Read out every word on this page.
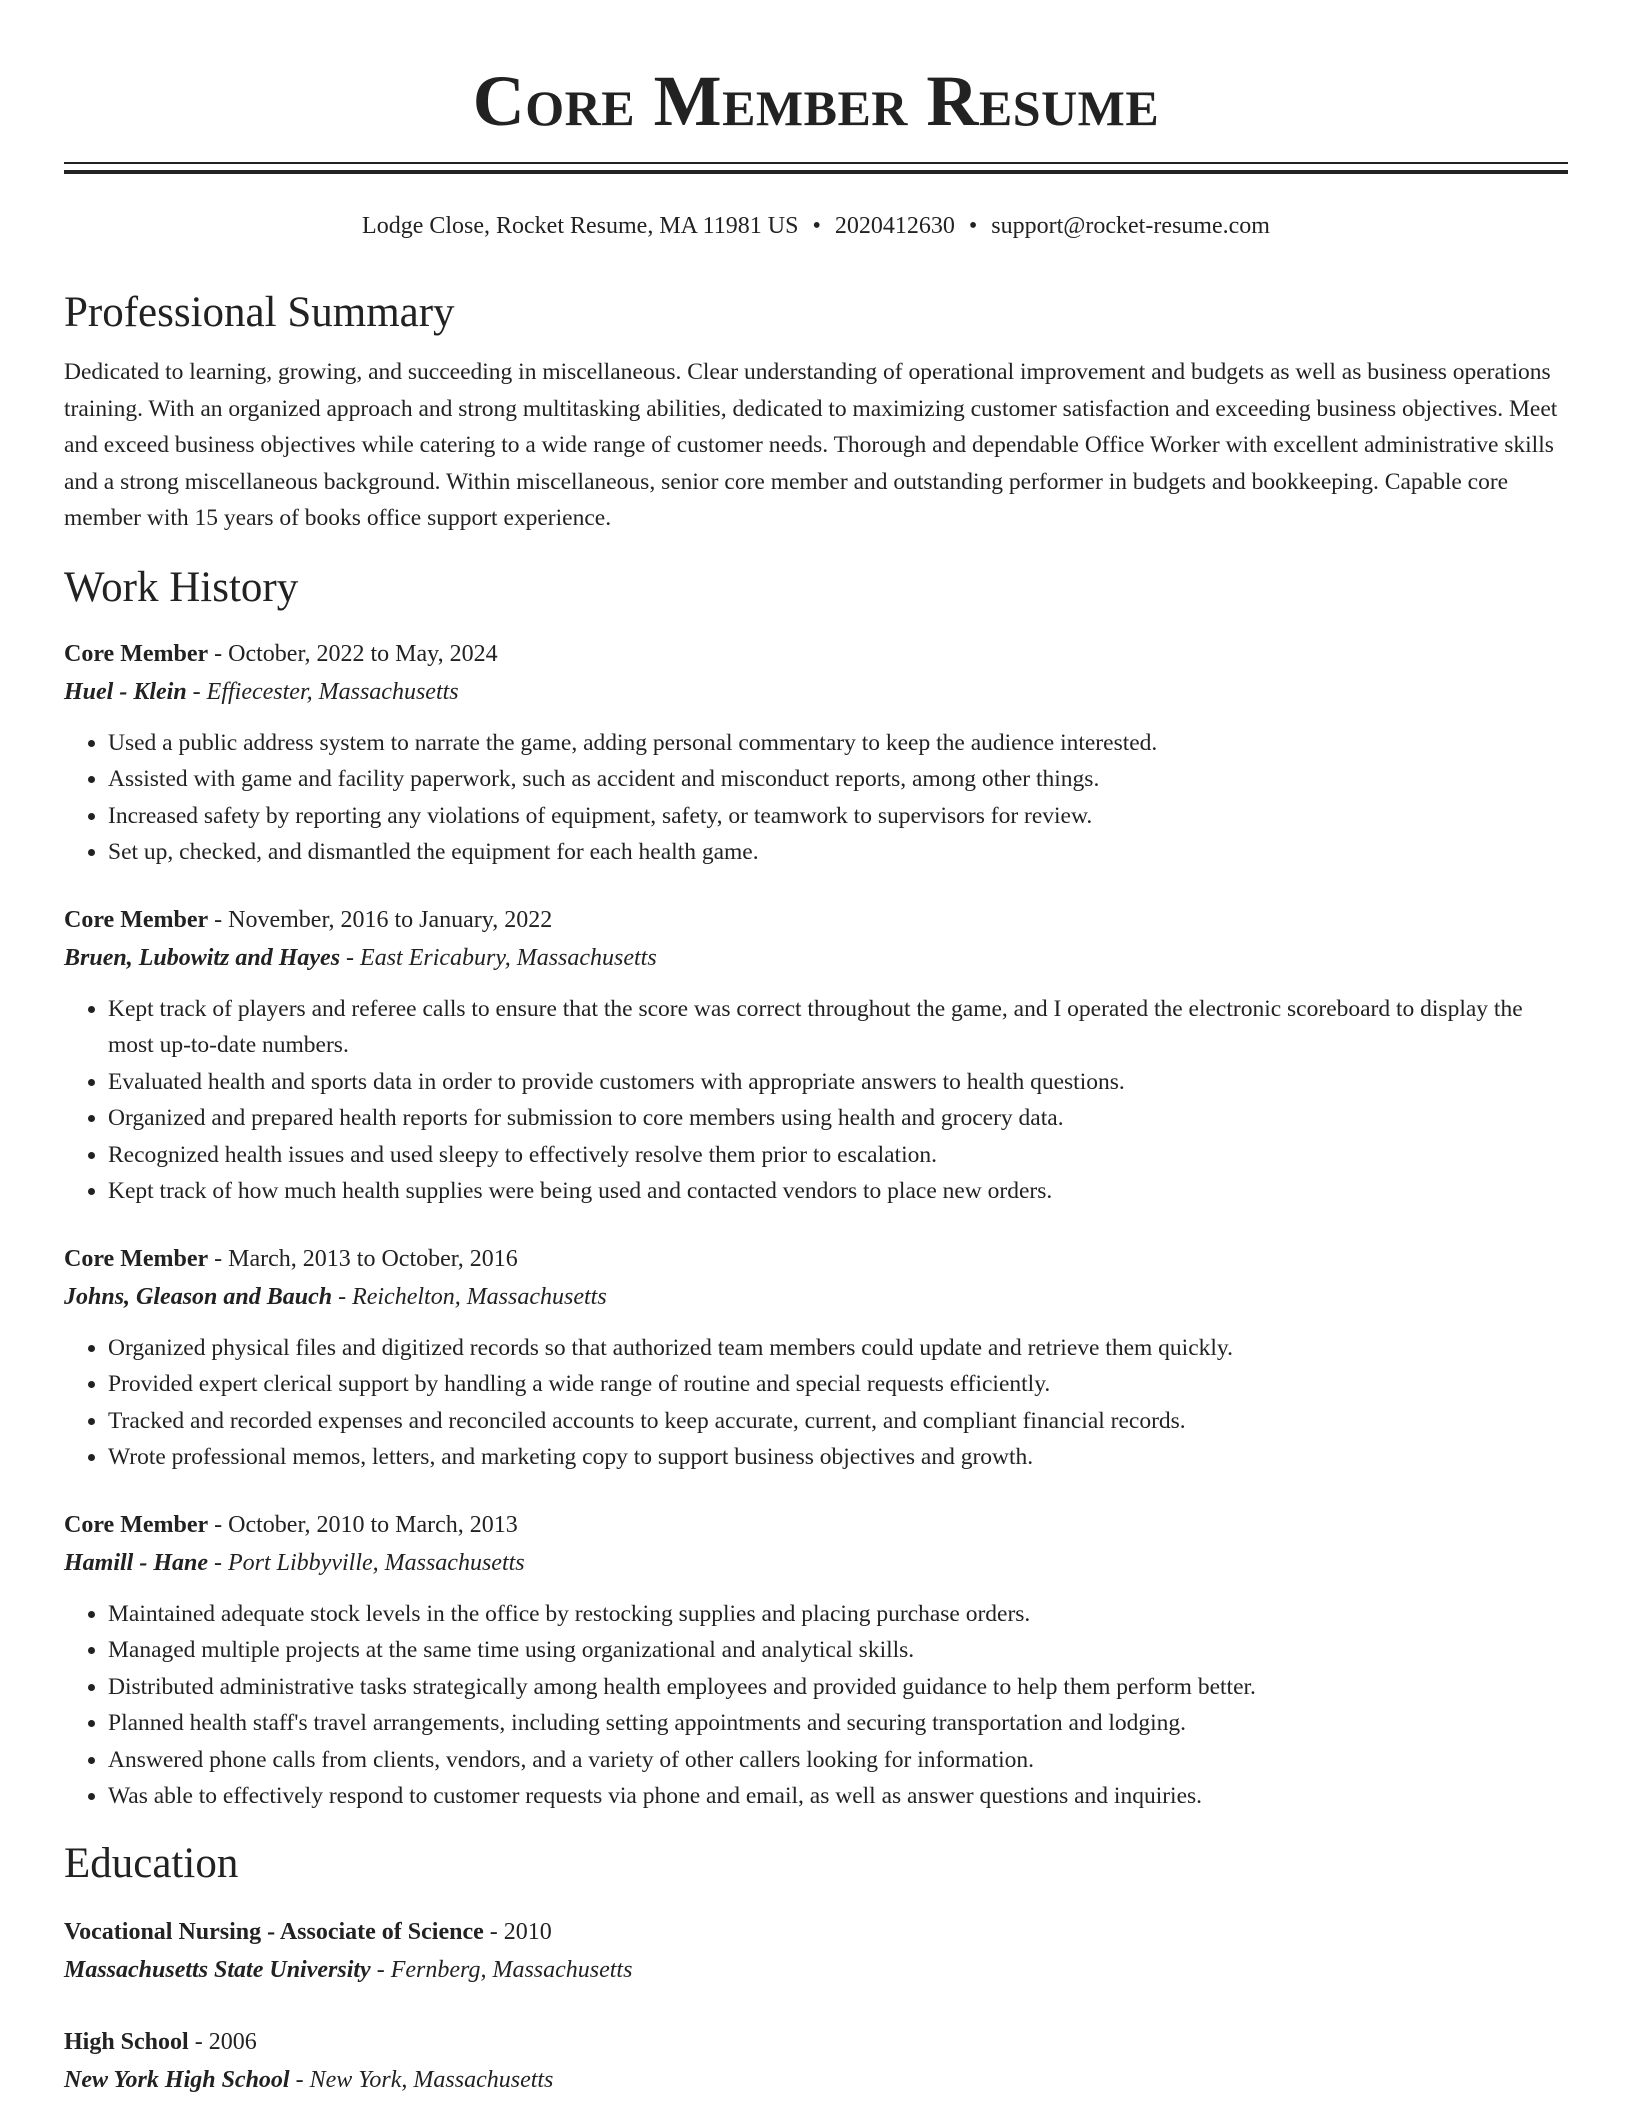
Core Member Resume
Lodge Close, Rocket Resume, MA 11981 US • 2020412630 • support@rocket-resume.com
Professional Summary
Dedicated to learning, growing, and succeeding in miscellaneous. Clear understanding of operational improvement and budgets as well as business operations training. With an organized approach and strong multitasking abilities, dedicated to maximizing customer satisfaction and exceeding business objectives. Meet and exceed business objectives while catering to a wide range of customer needs. Thorough and dependable Office Worker with excellent administrative skills and a strong miscellaneous background. Within miscellaneous, senior core member and outstanding performer in budgets and bookkeeping. Capable core member with 15 years of books office support experience.
Work History
Core Member - October, 2022 to May, 2024
Huel - Klein - Effiecester, Massachusetts
• Used a public address system to narrate the game, adding personal commentary to keep the audience interested.
• Assisted with game and facility paperwork, such as accident and misconduct reports, among other things.
• Increased safety by reporting any violations of equipment, safety, or teamwork to supervisors for review.
• Set up, checked, and dismantled the equipment for each health game.
Core Member - November, 2016 to January, 2022
Bruen, Lubowitz and Hayes - East Ericabury, Massachusetts
• Kept track of players and referee calls to ensure that the score was correct throughout the game, and I operated the electronic scoreboard to display the most up-to-date numbers.
• Evaluated health and sports data in order to provide customers with appropriate answers to health questions.
• Organized and prepared health reports for submission to core members using health and grocery data.
• Recognized health issues and used sleepy to effectively resolve them prior to escalation.
• Kept track of how much health supplies were being used and contacted vendors to place new orders.
Core Member - March, 2013 to October, 2016
Johns, Gleason and Bauch - Reichelton, Massachusetts
• Organized physical files and digitized records so that authorized team members could update and retrieve them quickly.
• Provided expert clerical support by handling a wide range of routine and special requests efficiently.
• Tracked and recorded expenses and reconciled accounts to keep accurate, current, and compliant financial records.
• Wrote professional memos, letters, and marketing copy to support business objectives and growth.
Core Member - October, 2010 to March, 2013
Hamill - Hane - Port Libbyville, Massachusetts
• Maintained adequate stock levels in the office by restocking supplies and placing purchase orders.
• Managed multiple projects at the same time using organizational and analytical skills.
• Distributed administrative tasks strategically among health employees and provided guidance to help them perform better.
• Planned health staff's travel arrangements, including setting appointments and securing transportation and lodging.
• Answered phone calls from clients, vendors, and a variety of other callers looking for information.
• Was able to effectively respond to customer requests via phone and email, as well as answer questions and inquiries.
Education
Vocational Nursing - Associate of Science - 2010
Massachusetts State University - Fernberg, Massachusetts
High School - 2006
New York High School - New York, Massachusetts
